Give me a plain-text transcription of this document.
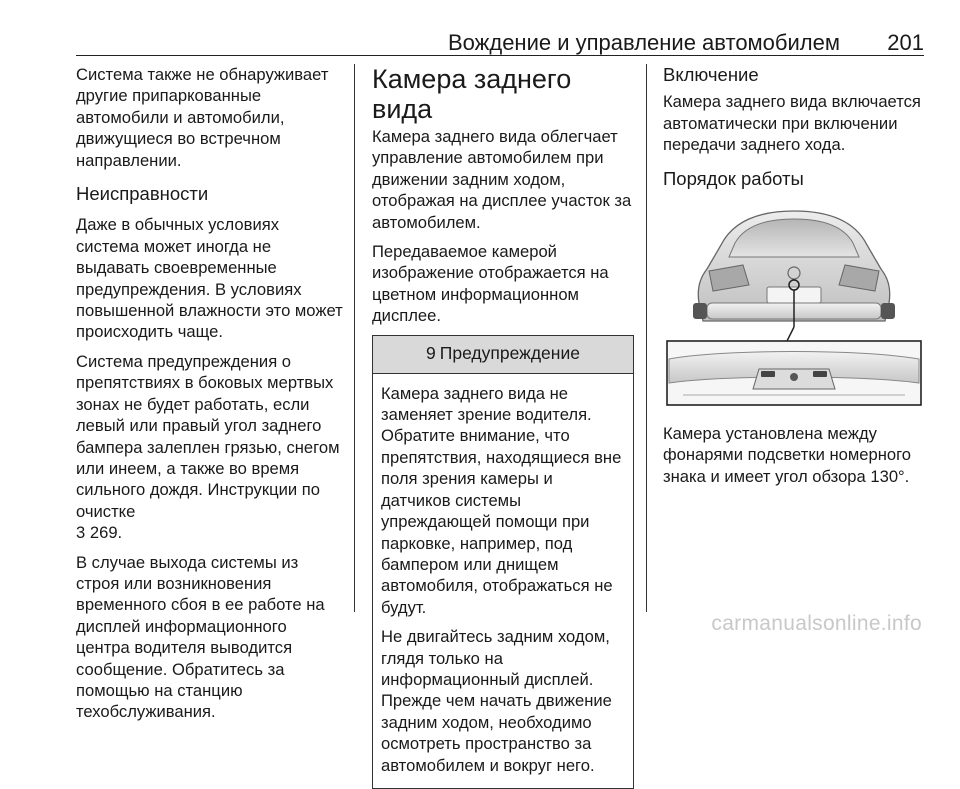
Вождение и управление автомобилем 201

Система также не обнаруживает другие припаркованные автомобили и автомобили, движущиеся во встречном направлении.

Неисправности

Даже в обычных условиях система может иногда не выдавать своевременные предупреждения. В условиях повышенной влажности это может происходить чаще.

Система предупреждения о препятствиях в боковых мертвых зонах не будет работать, если левый или правый угол заднего бампера залеплен грязью, снегом или инеем, а также во время сильного дождя. Инструкции по очистке
3 269.

В случае выхода системы из строя или возникновения временного сбоя в ее работе на дисплей информационного центра водителя выводится сообщение. Обратитесь за помощью на станцию техобслуживания.

Камера заднего вида

Камера заднего вида облегчает управление автомобилем при движении задним ходом, отображая на дисплее участок за автомобилем.

Передаваемое камерой изображение отображается на цветном информационном дисплее.

9 Предупреждение

Камера заднего вида не заменяет зрение водителя. Обратите внимание, что препятствия, находящиеся вне поля зрения камеры и датчиков системы упреждающей помощи при парковке, например, под бампером или днищем автомобиля, отображаться не будут.

Не двигайтесь задним ходом, глядя только на информационный дисплей. Прежде чем начать движение задним ходом, необходимо осмотреть пространство за автомобилем и вокруг него.

Включение

Камера заднего вида включается автоматически при включении передачи заднего хода.

Порядок работы

Камера установлена между фонарями подсветки номерного знака и имеет угол обзора 130°.

carmanualsonline.info
